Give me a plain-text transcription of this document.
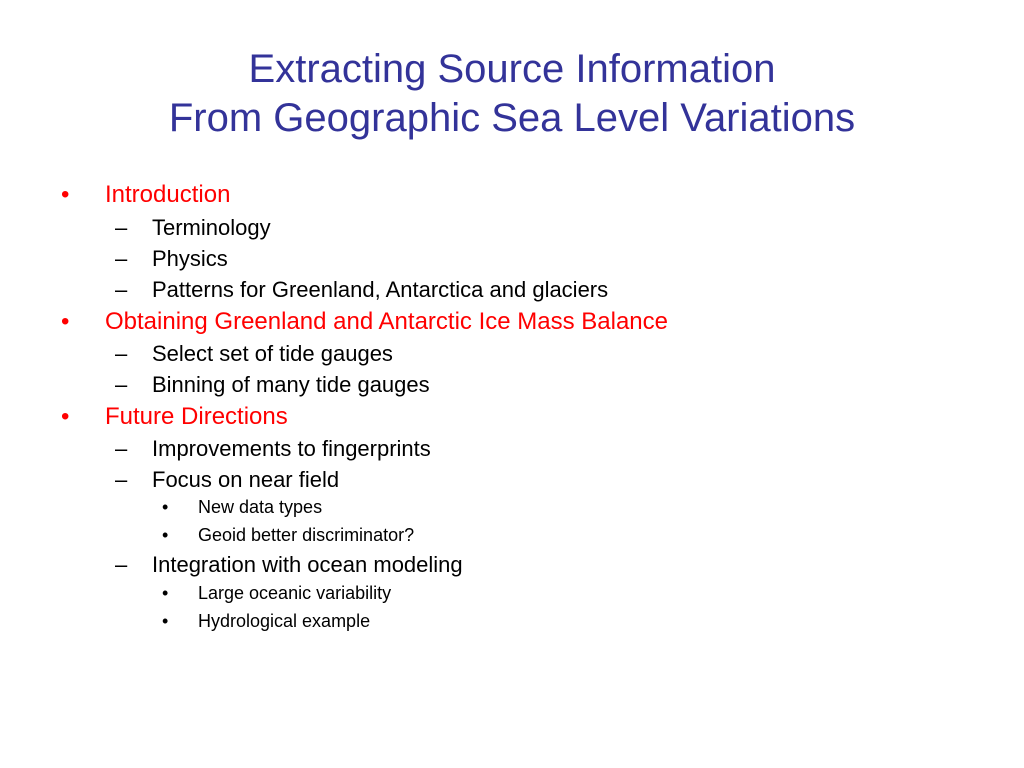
Extracting Source Information
From Geographic Sea Level Variations
• Introduction
– Terminology
– Physics
– Patterns for Greenland, Antarctica and glaciers
• Obtaining Greenland and Antarctic Ice Mass Balance
– Select set of tide gauges
– Binning of many tide gauges
• Future Directions
– Improvements to fingerprints
– Focus on near field
• New data types
• Geoid better discriminator?
– Integration with ocean modeling
• Large oceanic variability
• Hydrological example
